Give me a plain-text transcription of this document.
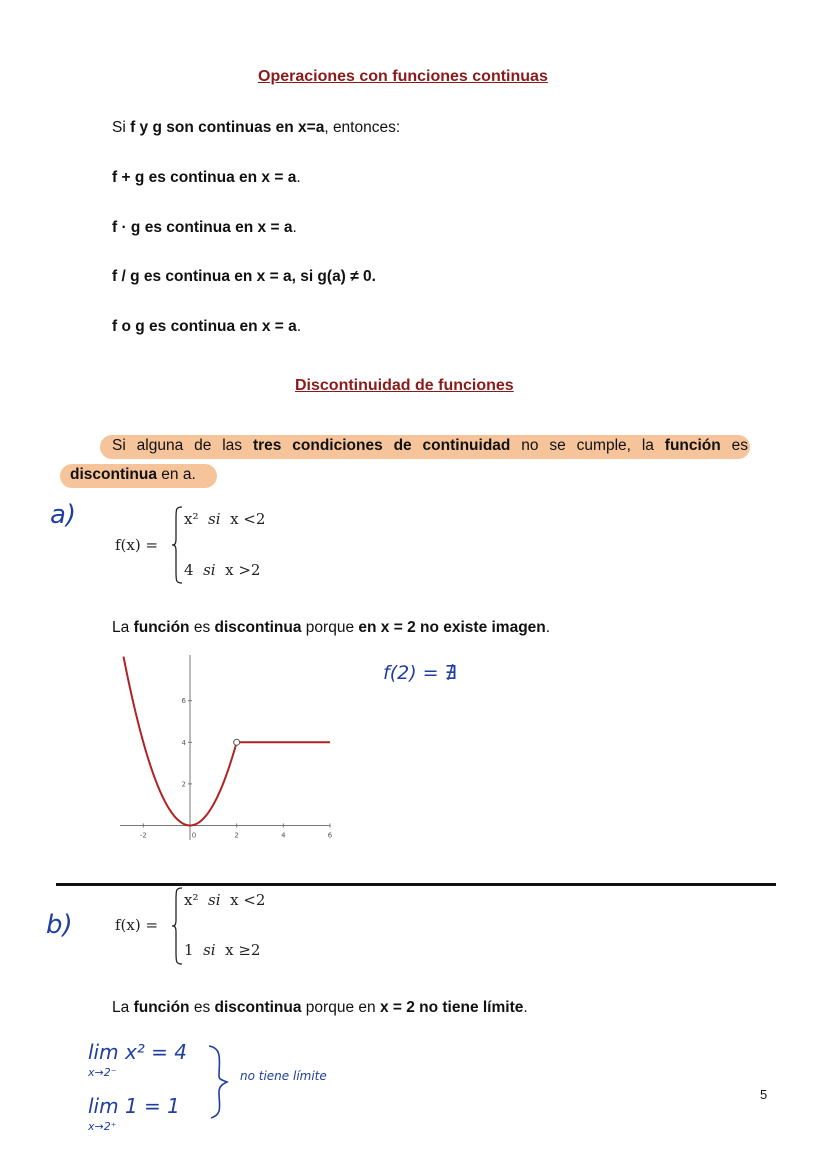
Operaciones con funciones continuas
Si f y g son continuas en x=a, entonces:
f + g es continua en x = a.
f · g es continua en x = a.
f / g es continua en x = a, si g(a) ≠ 0.
f o g es continua en x = a.
Discontinuidad de funciones
Si alguna de las tres condiciones de continuidad no se cumple, la función es
discontinua en a.
a)
f(x) =
x² si x <2
4 si x >2
La función es discontinua porque en x = 2 no existe imagen.
-2	0	2	4	6
2
4
6
f(2) = ∄
b)	f(x) =
x² si x <2
1 si x ≥2
La función es discontinua porque en x = 2 no tiene límite.
lim x² = 4
x→2⁻
lim 1 = 1
x→2⁺
no tiene límite
5
